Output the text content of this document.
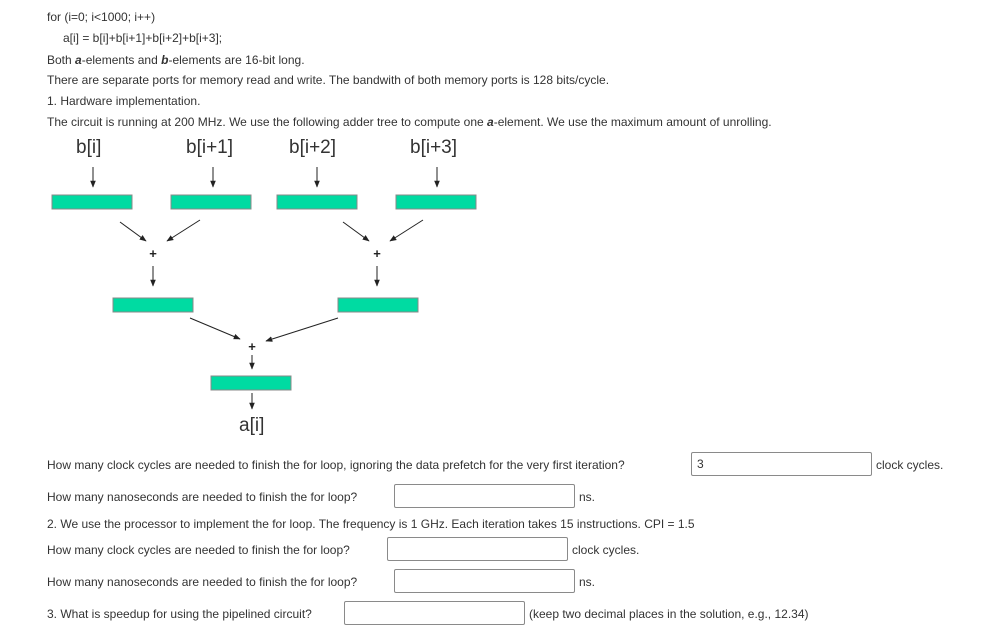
for (i=0; i<1000; i++)
a[i] = b[i]+b[i+1]+b[i+2]+b[i+3];
Both a-elements and b-elements are 16-bit long.
There are separate ports for memory read and write. The bandwith of both memory ports is 128 bits/cycle.
1. Hardware implementation.
The circuit is running at 200 MHz. We use the following adder tree to compute one a-element. We use the maximum amount of unrolling.
b[i]	b[i+1]	b[i+2]	b[i+3]
+	+
+
a[i]
How many clock cycles are needed to finish the for loop, ignoring the data prefetch for the very first iteration?
3	clock cycles.
How many nanoseconds are needed to finish the for loop?	ns.
2. We use the processor to implement the for loop. The frequency is 1 GHz. Each iteration takes 15 instructions. CPI = 1.5
How many clock cycles are needed to finish the for loop?	clock cycles.
How many nanoseconds are needed to finish the for loop?	ns.
3. What is speedup for using the pipelined circuit?	(keep two decimal places in the solution, e.g., 12.34)
